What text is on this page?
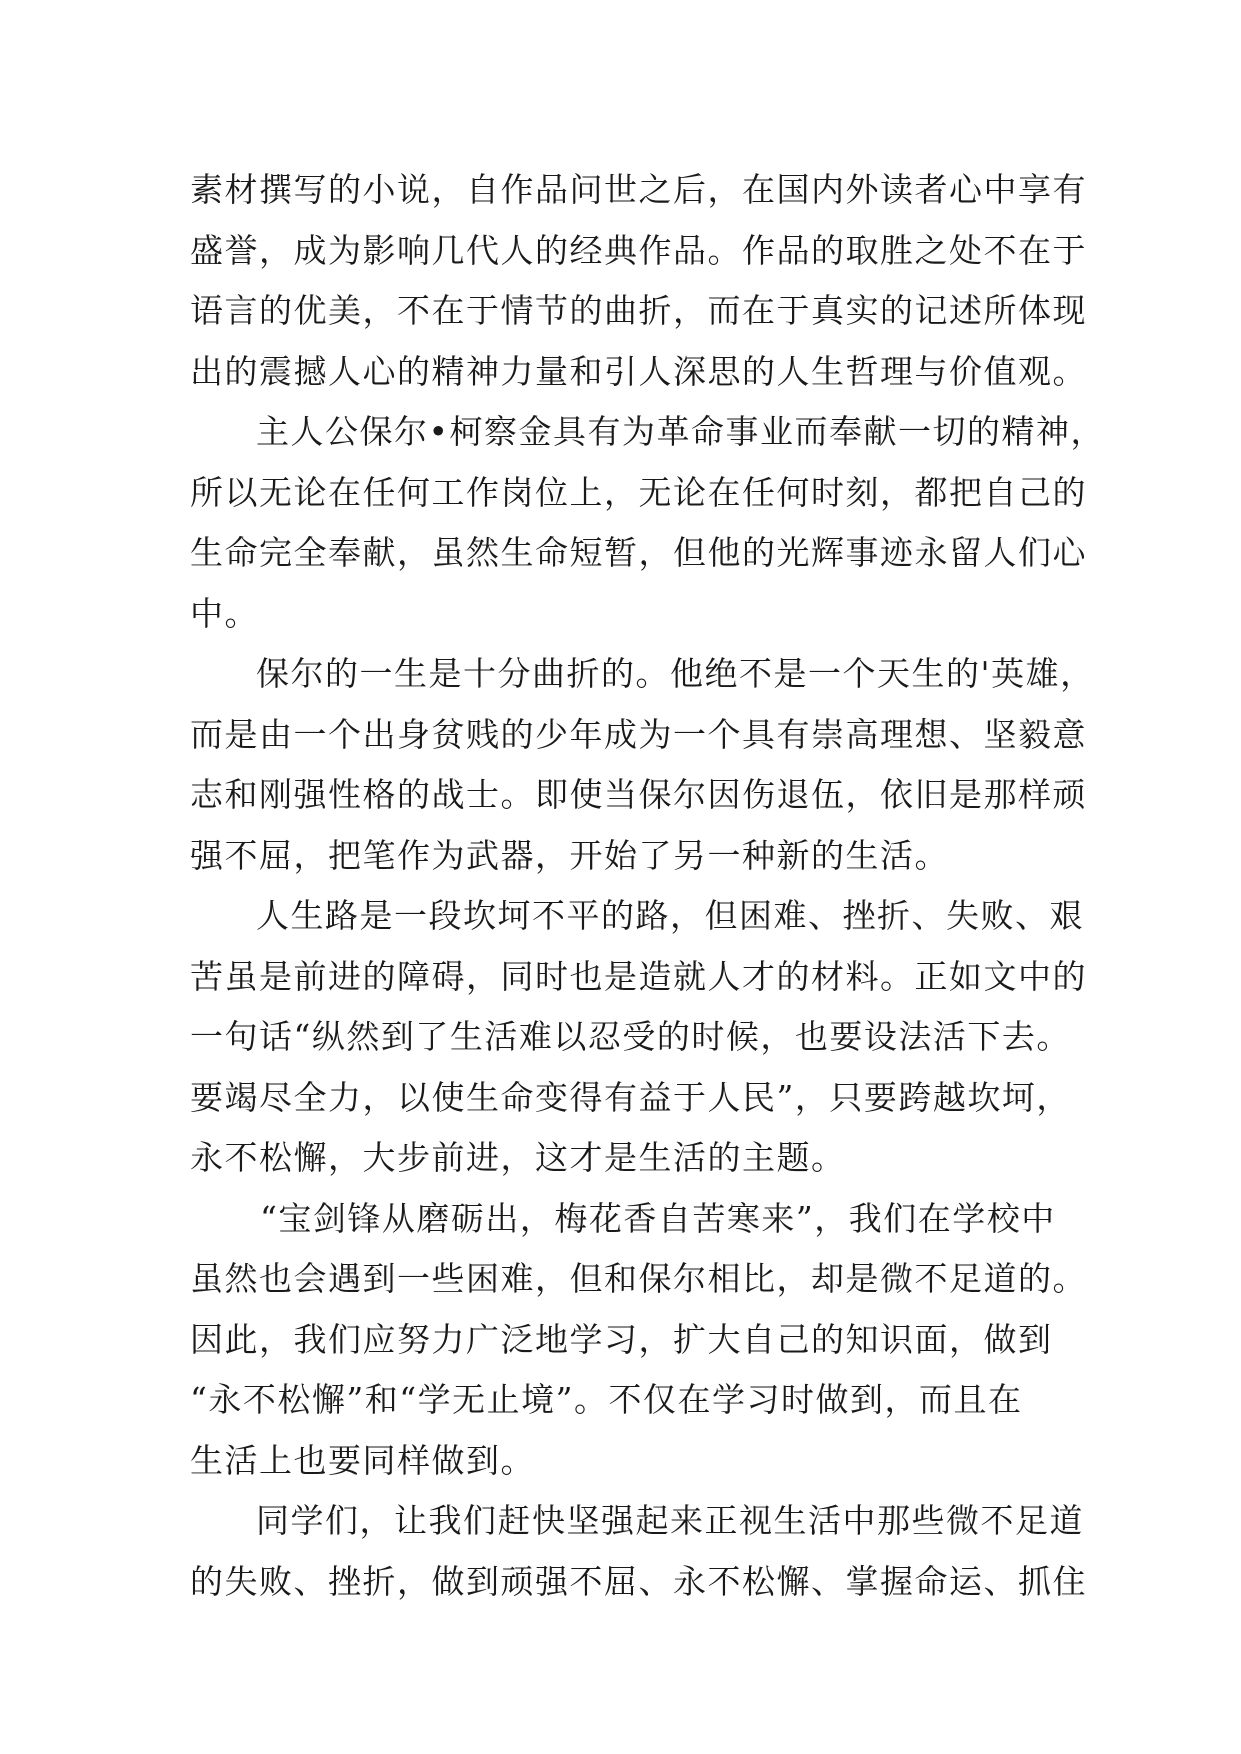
素材撰写的小说，自作品问世之后，在国内外读者心中享有
盛誉，成为影响几代人的经典作品。作品的取胜之处不在于
语言的优美，不在于情节的曲折，而在于真实的记述所体现
出的震撼人心的精神力量和引人深思的人生哲理与价值观。
主人公保尔•柯察金具有为革命事业而奉献一切的精神，
所以无论在任何工作岗位上，无论在任何时刻，都把自己的
生命完全奉献，虽然生命短暂，但他的光辉事迹永留人们心
中。
保尔的一生是十分曲折的。他绝不是一个天生的'英雄，
而是由一个出身贫贱的少年成为一个具有崇高理想、坚毅意
志和刚强性格的战士。即使当保尔因伤退伍，依旧是那样顽
强不屈，把笔作为武器，开始了另一种新的生活。
人生路是一段坎坷不平的路，但困难、挫折、失败、艰
苦虽是前进的障碍，同时也是造就人才的材料。正如文中的
一句话“纵然到了生活难以忍受的时候，也要设法活下去。
要竭尽全力，以使生命变得有益于人民”，只要跨越坎坷，
永不松懈，大步前进，这才是生活的主题。
“宝剑锋从磨砺出，梅花香自苦寒来”，我们在学校中
虽然也会遇到一些困难，但和保尔相比，却是微不足道的。
因此，我们应努力广泛地学习，扩大自己的知识面，做到
“永不松懈”和“学无止境”。不仅在学习时做到，而且在
生活上也要同样做到。
同学们，让我们赶快坚强起来正视生活中那些微不足道
的失败、挫折，做到顽强不屈、永不松懈、掌握命运、抓住
